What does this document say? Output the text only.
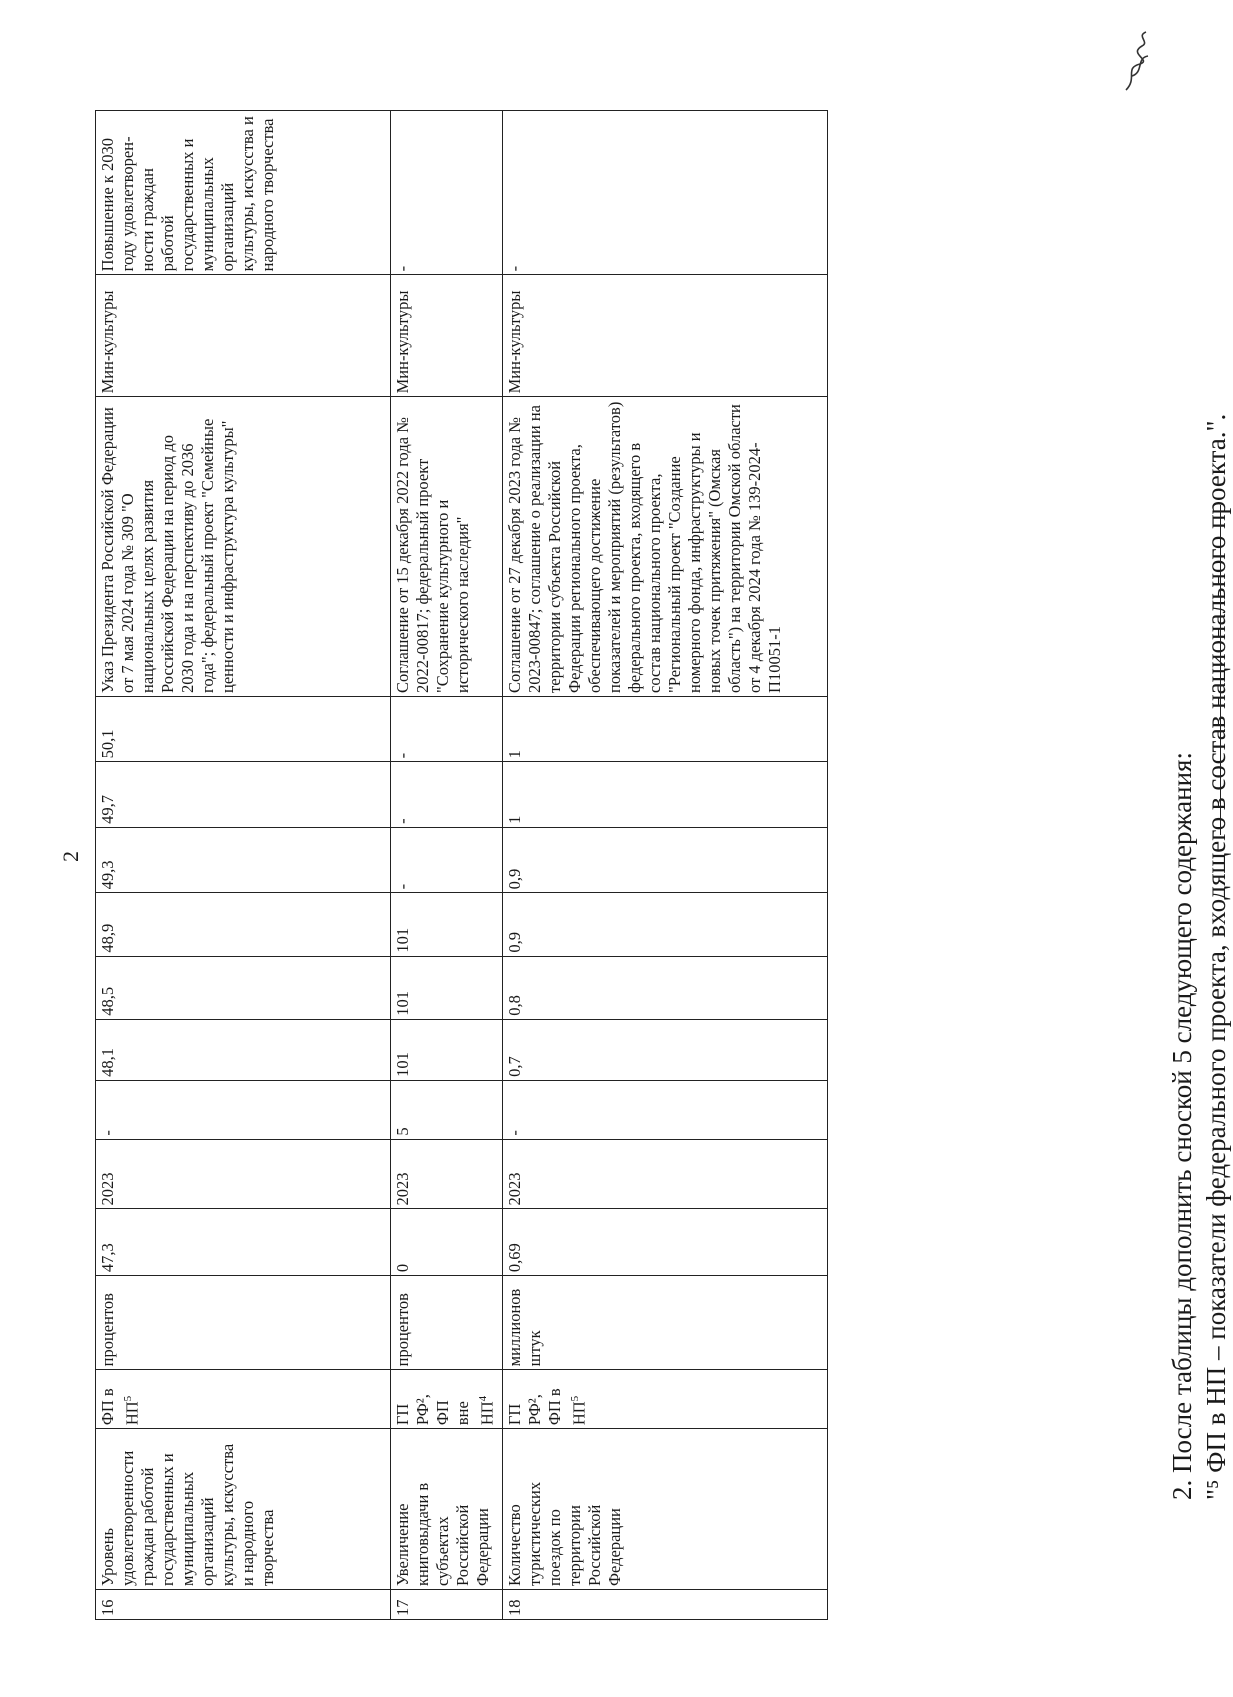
2
16	Уровень удовлетворенности граждан работой государственных и муниципальных организаций культуры, искусства и народного творчества	ФП в $НП^5$	процентов	47,3	2023	-	48,1	48,5	48,9	49,3	49,7	50,1	Указ Президента Российской Федерации от 7 мая 2024 года № 309 "О национальных целях развития Российской Федерации на период до 2030 года и на перспективу до 2036 года"; федеральный проект "Семейные ценности и инфраструктура культуры"	Мин-культуры	Повышение к 2030 году удовлетворен-ности граждан работой государственных и муниципальных организаций культуры, искусства и народного творчества
17	Увеличение книговыдачи в субъектах Российской Федерации	ГП РФ², ФП вне $НП^4$	процентов	0	2023	5	101	101	101	-	-	-	Соглашение от 15 декабря 2022 года № 2022-00817; федеральный проект "Сохранение культурного и исторического наследия"	Мин-культуры	-
18	Количество туристических поездок по территории Российской Федерации	ГП РФ², ФП в $НП^5$	миллионов штук	0,69	2023	-	0,7	0,8	0,9	0,9	1	1	Соглашение от 27 декабря 2023 года № 2023-00847; соглашение о реализации на территории субъекта Российской Федерации регионального проекта, обеспечивающего достижение показателей и мероприятий (результатов) федерального проекта, входящего в состав национального проекта, "Региональный проект "Создание номерного фонда, инфраструктуры и новых точек притяжения" (Омская область") на территории Омской области от 4 декабря 2024 года № 139-2024-П10051-1	Мин-культуры	-

2. После таблицы дополнить сноской 5 следующего содержания: "⁵ ФП в НП – показатели федерального проекта, входящего в состав национального проекта.".
